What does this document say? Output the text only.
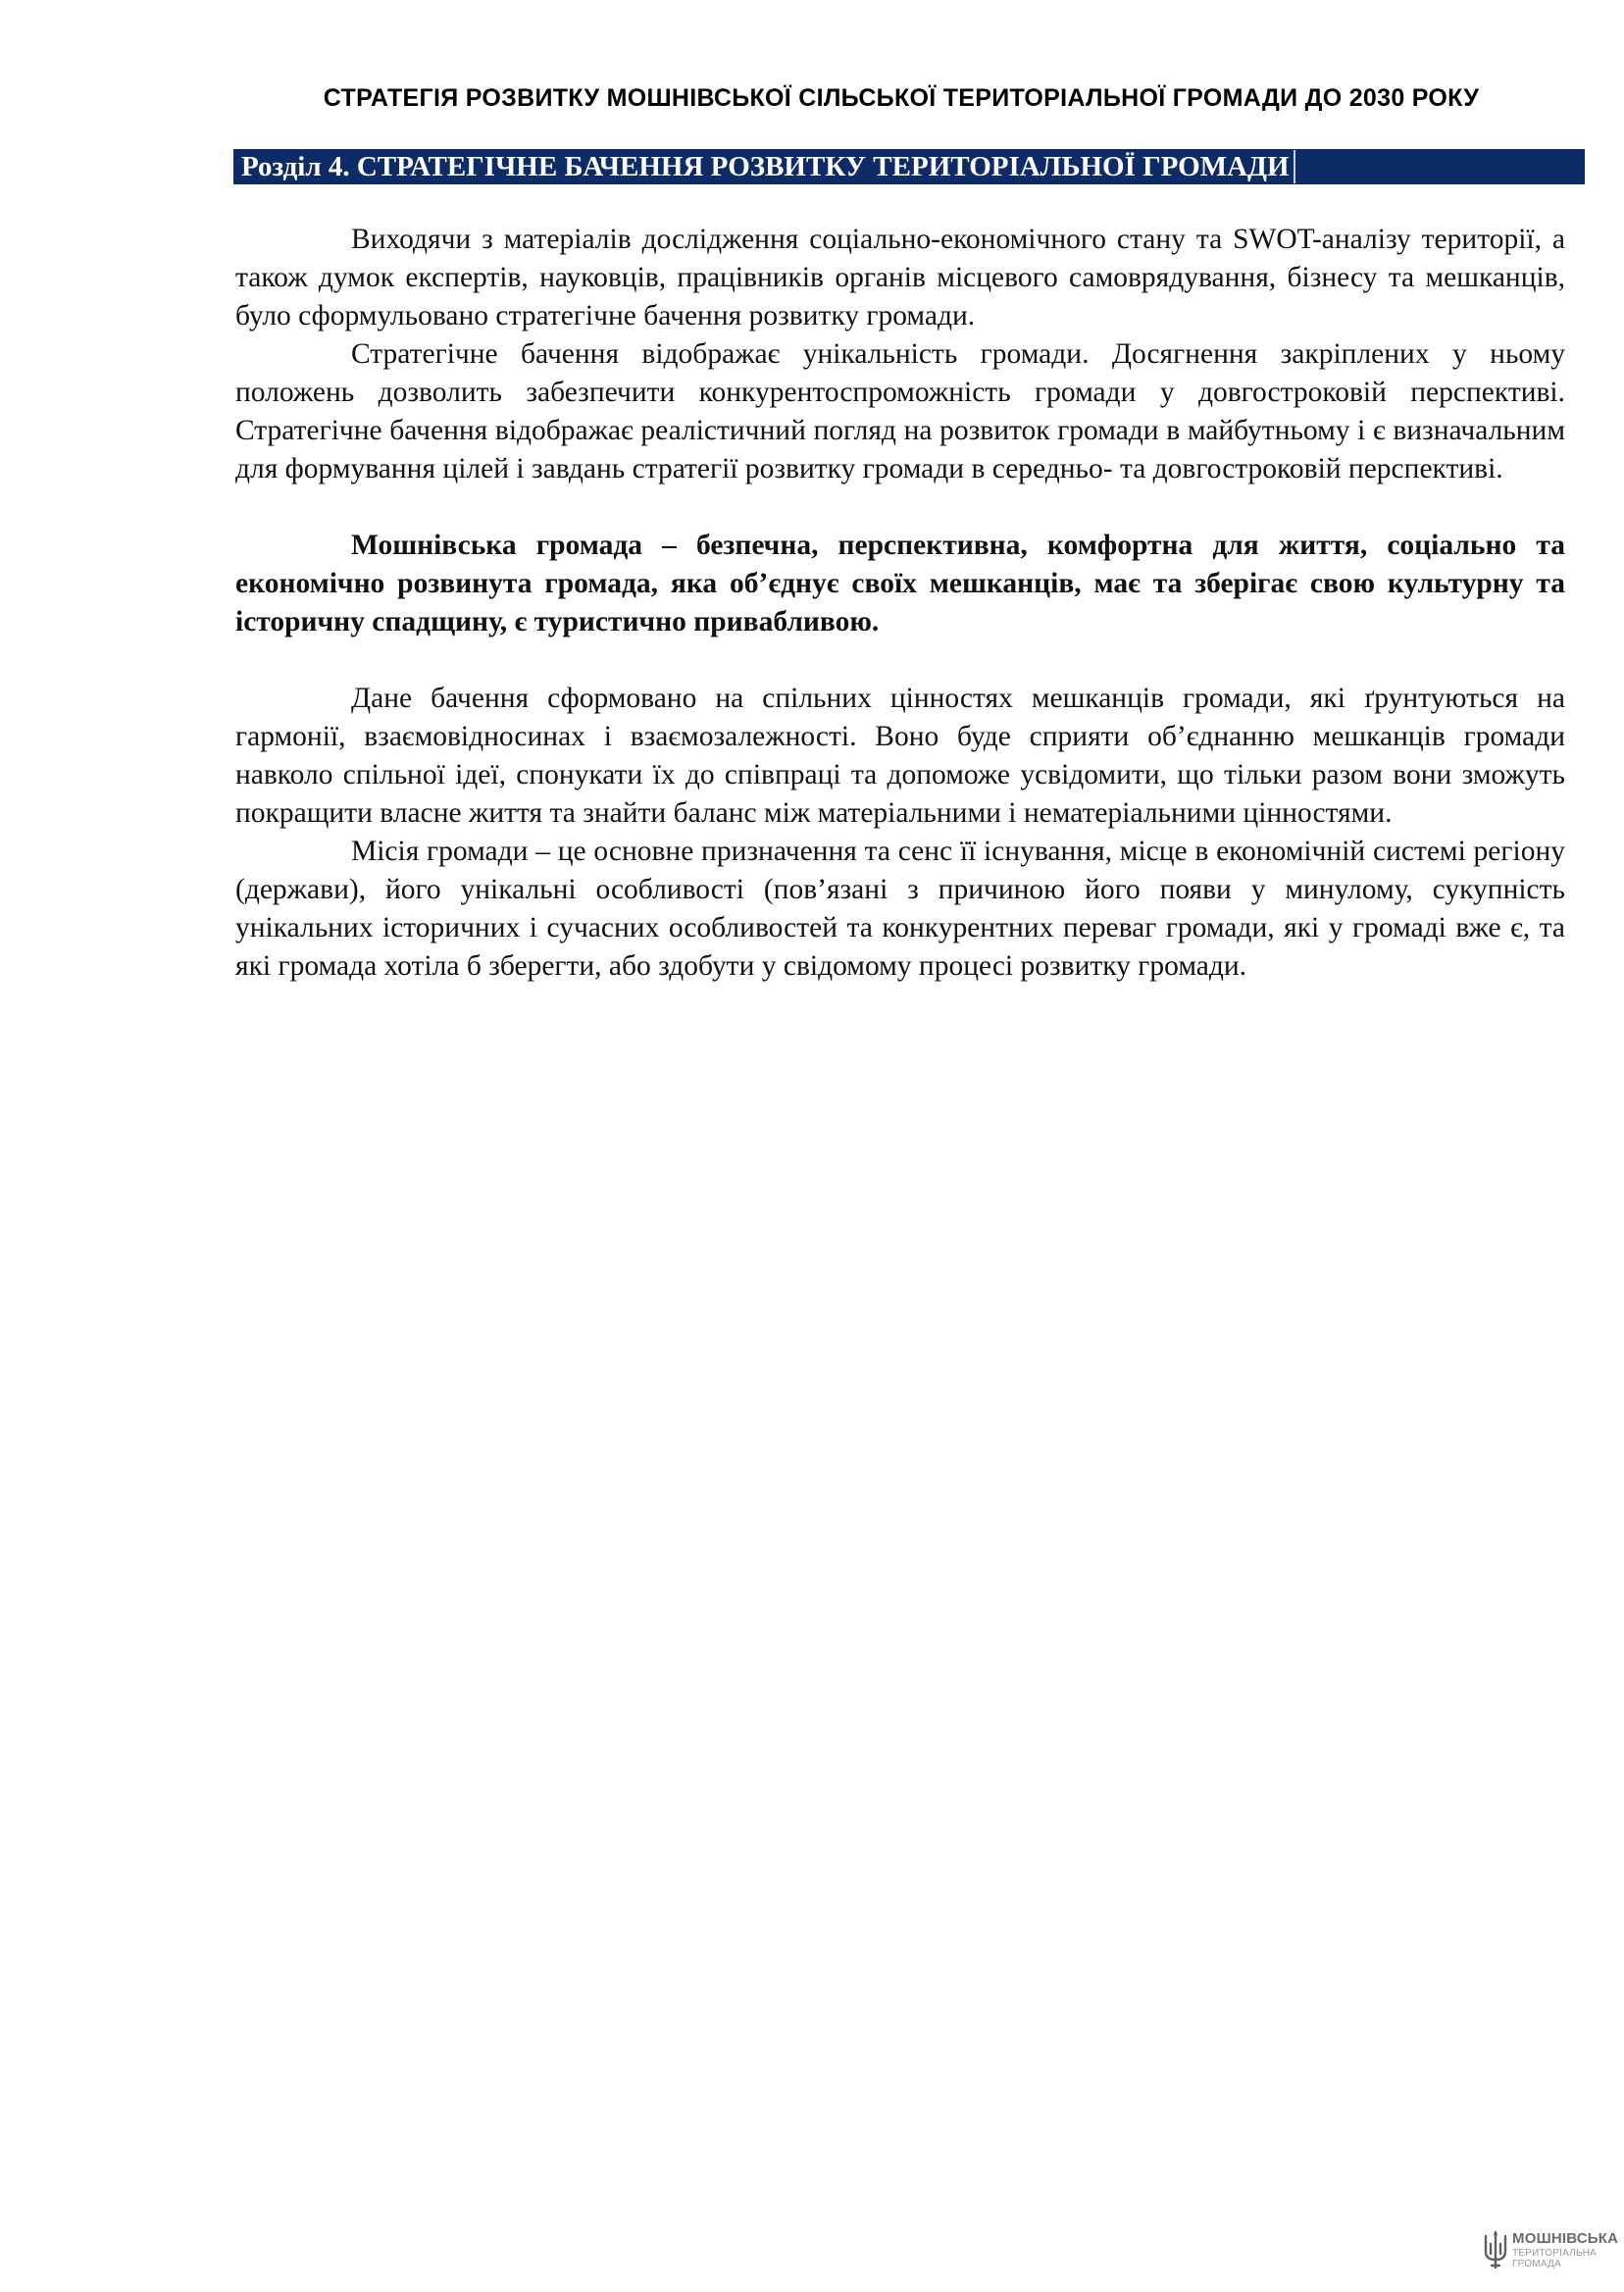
СТРАТЕГІЯ РОЗВИТКУ МОШНІВСЬКОЇ СІЛЬСЬКОЇ ТЕРИТОРІАЛЬНОЇ ГРОМАДИ ДО 2030 РОКУ
Розділ 4. СТРАТЕГІЧНЕ БАЧЕННЯ РОЗВИТКУ ТЕРИТОРІАЛЬНОЇ ГРОМАДИ

Виходячи з матеріалів дослідження соціально-економічного стану та SWOT-аналізу території, а також думок експертів, науковців, працівників органів місцевого самоврядування, бізнесу та мешканців, було сформульовано стратегічне бачення розвитку громади.

Стратегічне бачення відображає унікальність громади. Досягнення закріплених у ньому положень дозволить забезпечити конкурентоспроможність громади у довгостроковій перспективі. Стратегічне бачення відображає реалістичний погляд на розвиток громади в майбутньому і є визначальним для формування цілей і завдань стратегії розвитку громади в середньо- та довгостроковій перспективі.

Мошнівська громада – безпечна, перспективна, комфортна для життя, соціально та економічно розвинута громада, яка об’єднує своїх мешканців, має та зберігає свою культурну та історичну спадщину, є туристично привабливою.

Дане бачення сформовано на спільних цінностях мешканців громади, які ґрунтуються на гармонії, взаємовідносинах і взаємозалежності. Воно буде сприяти об’єднанню мешканців громади навколо спільної ідеї, спонукати їх до співпраці та допоможе усвідомити, що тільки разом вони зможуть покращити власне життя та знайти баланс між матеріальними і нематеріальними цінностями.

Місія громади – це основне призначення та сенс її існування, місце в економічній системі регіону (держави), його унікальні особливості (пов’язані з причиною його появи у минулому, сукупність унікальних історичних і сучасних особливостей та конкурентних переваг громади, які у громаді вже є, та які громада хотіла б зберегти, або здобути у свідомому процесі розвитку громади.

МОШНІВСЬКА
ТЕРИТОРІАЛЬНА
ГРОМАДА
